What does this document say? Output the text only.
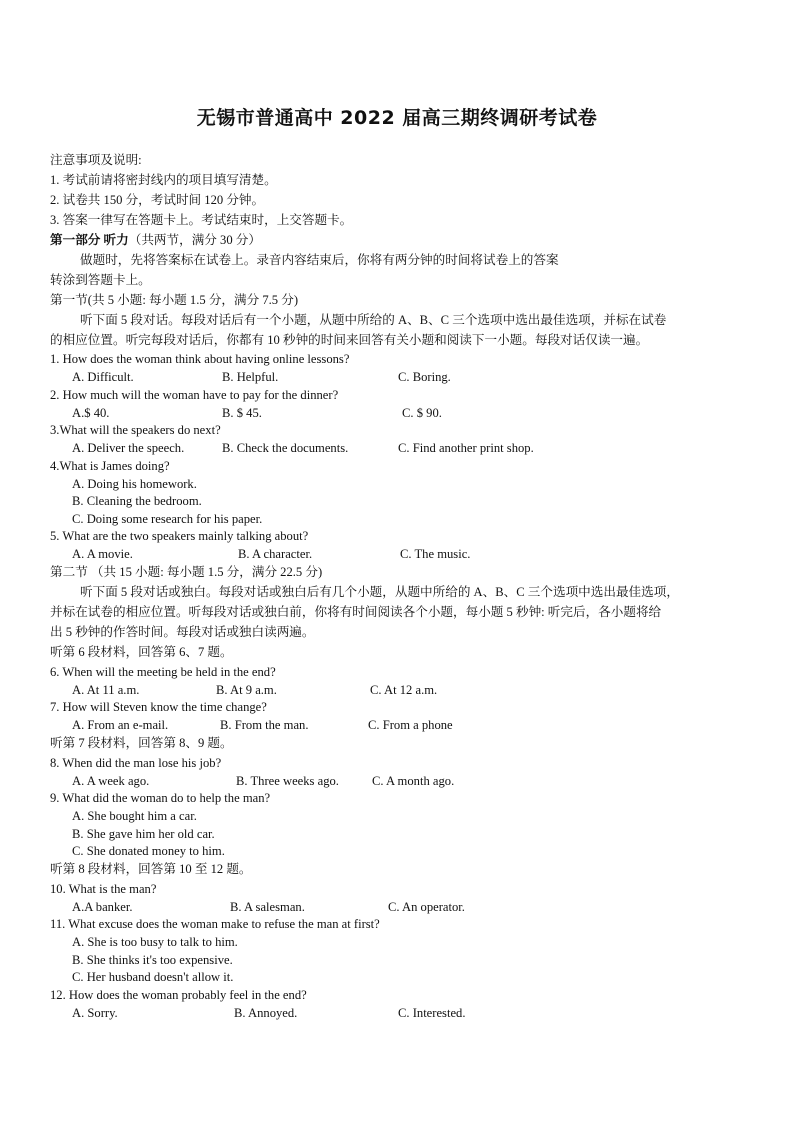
无锡市普通高中 2022 届高三期终调研考试卷
注意事项及说明:
1. 考试前请将密封线内的项目填写清楚。
2. 试卷共 150 分，考试时间 120 分钟。
3. 答案一律写在答题卡上。考试结束时，上交答题卡。
第一部分 听力（共两节，满分 30 分）
做题时，先将答案标在试卷上。录音内容结束后，你将有两分钟的时间将试卷上的答案
转涂到答题卡上。
第一节(共 5 小题: 每小题 1.5 分，满分 7.5 分)
听下面 5 段对话。每段对话后有一个小题，从题中所给的 A、B、C 三个选项中选出最佳选项，并标在试卷
的相应位置。听完每段对话后，你都有 10 秒钟的时间来回答有关小题和阅读下一小题。每段对话仅读一遍。
1. How does the woman think about having online lessons?
A. Difficult.	B. Helpful.	C. Boring.
2. How much will the woman have to pay for the dinner?
A.$ 40.	B. $ 45.	C. $ 90.
3.What will the speakers do next?
A. Deliver the speech.	B. Check the documents.	C. Find another print shop.
4.What is James doing?
A. Doing his homework.
B. Cleaning the bedroom.
C. Doing some research for his paper.
5. What are the two speakers mainly talking about?
A. A movie.	B. A character.	C. The music.
第二节 （共 15 小题: 每小题 1.5 分，满分 22.5 分)
听下面 5 段对话或独白。每段对话或独白后有几个小题，从题中所给的 A、B、C 三个选项中选出最佳选项，
并标在试卷的相应位置。听每段对话或独白前，你将有时间阅读各个小题，每小题 5 秒钟: 听完后，各小题将给
出 5 秒钟的作答时间。每段对话或独白读两遍。
听第 6 段材料，回答第 6、7 题。
6. When will the meeting be held in the end?
A. At 11 a.m.	B. At 9 a.m.	C. At 12 a.m.
7. How will Steven know the time change?
A. From an e-mail.	B. From the man.	C. From a phone
听第 7 段材料，回答第 8、9 题。
8. When did the man lose his job?
A. A week ago.	B. Three weeks ago.	C. A month ago.
9. What did the woman do to help the man?
A. She bought him a car.
B. She gave him her old car.
C. She donated money to him.
听第 8 段材料，回答第 10 至 12 题。
10. What is the man?
A.A banker.	B. A salesman.	C. An operator.
11. What excuse does the woman make to refuse the man at first?
A. She is too busy to talk to him.
B. She thinks it's too expensive.
C. Her husband doesn't allow it.
12. How does the woman probably feel in the end?
A. Sorry.	B. Annoyed.	C. Interested.
